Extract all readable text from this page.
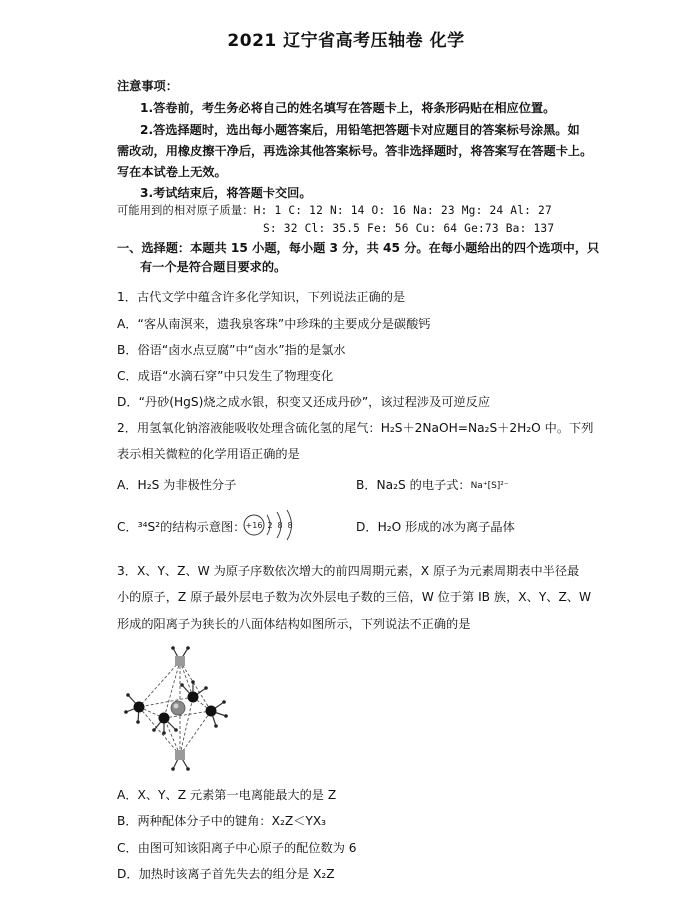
2021 辽宁省高考压轴卷 化学
注意事项：
1.答卷前，考生务必将自己的姓名填写在答题卡上，将条形码贴在相应位置。
2.答选择题时，选出每小题答案后，用铅笔把答题卡对应题目的答案标号涂黑。如
需改动，用橡皮擦干净后，再选涂其他答案标号。答非选择题时，将答案写在答题卡上。
写在本试卷上无效。
3.考试结束后，将答题卡交回。
可能用到的相对原子质量：H: 1 C: 12 N: 14 O: 16 Na: 23 Mg: 24 Al: 27
S: 32 Cl: 35.5 Fe: 56 Cu: 64 Ge:73 Ba: 137
一、选择题：本题共 15 小题，每小题 3 分，共 45 分。在每小题给出的四个选项中，只
有一个是符合题目要求的。
1．古代文学中蕴含许多化学知识，下列说法正确的是
A．“客从南溟来，遗我泉客珠”中珍珠的主要成分是碳酸钙
B．俗语“卤水点豆腐”中“卤水”指的是氯水
C．成语“水滴石穿”中只发生了物理变化
D．“丹砂(HgS)烧之成水银，积变又还成丹砂”，该过程涉及可逆反应
2．用氢氧化钠溶液能吸收处理含硫化氢的尾气：H₂S＋2NaOH=Na₂S＋2H₂O 中。下列
表示相关微粒的化学用语正确的是
A．H₂S 为非极性分子	B．Na₂S 的电子式：Na⁺[S]²⁻
C．³⁴S²的结构示意图： +16 2 8 8	D．H₂O 形成的冰为离子晶体
3．X、Y、Z、W 为原子序数依次增大的前四周期元素，X 原子为元素周期表中半径最
小的原子，Z 原子最外层电子数为次外层电子数的三倍，W 位于第 IB 族，X、Y、Z、W
形成的阳离子为狭长的八面体结构如图所示，下列说法不正确的是
A．X、Y、Z 元素第一电离能最大的是 Z
B．两种配体分子中的键角：X₂Z＜YX₃
C．由图可知该阳离子中心原子的配位数为 6
D．加热时该离子首先失去的组分是 X₂Z
